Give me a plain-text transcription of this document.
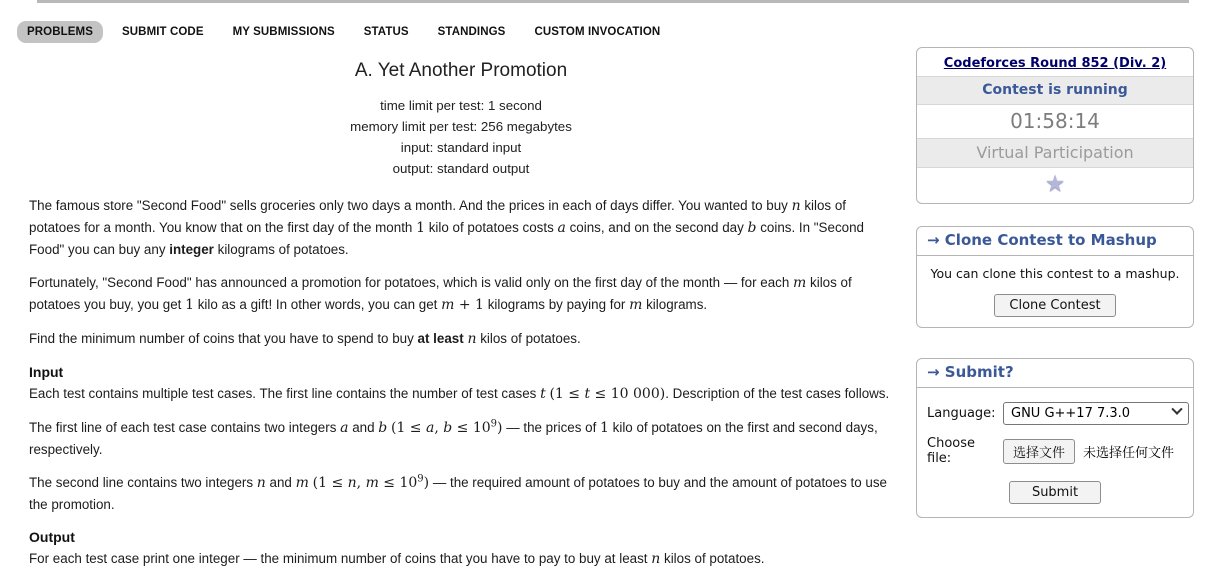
PROBLEMS	SUBMIT CODE	MY SUBMISSIONS	STATUS	STANDINGS	CUSTOM INVOCATION
A. Yet Another Promotion
time limit per test: 1 second
memory limit per test: 256 megabytes
input: standard input
output: standard output

The famous store "Second Food" sells groceries only two days a month. And the prices in each of days differ. You wanted to buy n kilos of potatoes for a month. You know that on the first day of the month 1 kilo of potatoes costs a coins, and on the second day b coins. In "Second Food" you can buy any integer kilograms of potatoes.

Fortunately, "Second Food" has announced a promotion for potatoes, which is valid only on the first day of the month — for each m kilos of potatoes you buy, you get 1 kilo as a gift! In other words, you can get m + 1 kilograms by paying for m kilograms.

Find the minimum number of coins that you have to spend to buy at least n kilos of potatoes.

Input

Each test contains multiple test cases. The first line contains the number of test cases t (1 ≤ t ≤ 10 000). Description of the test cases follows.

The first line of each test case contains two integers a and b (1 ≤ a, $b \le 10^9$) — the prices of 1 kilo of potatoes on the first and second days, respectively.

The second line contains two integers n and m (1 ≤ n, $m \le 10^9$) — the required amount of potatoes to buy and the amount of potatoes to use the promotion.

Output

For each test case print one integer — the minimum number of coins that you have to pay to buy at least n kilos of potatoes.

Codeforces Round 852 (Div. 2)
Contest is running
01:58:14
Virtual Participation
★
→ Clone Contest to Mashup
You can clone this contest to a mashup.
Clone Contest
→ Submit?
Language:	GNU G++17 7.3.0
Choose file:	选择文件	未选择任何文件
Submit
